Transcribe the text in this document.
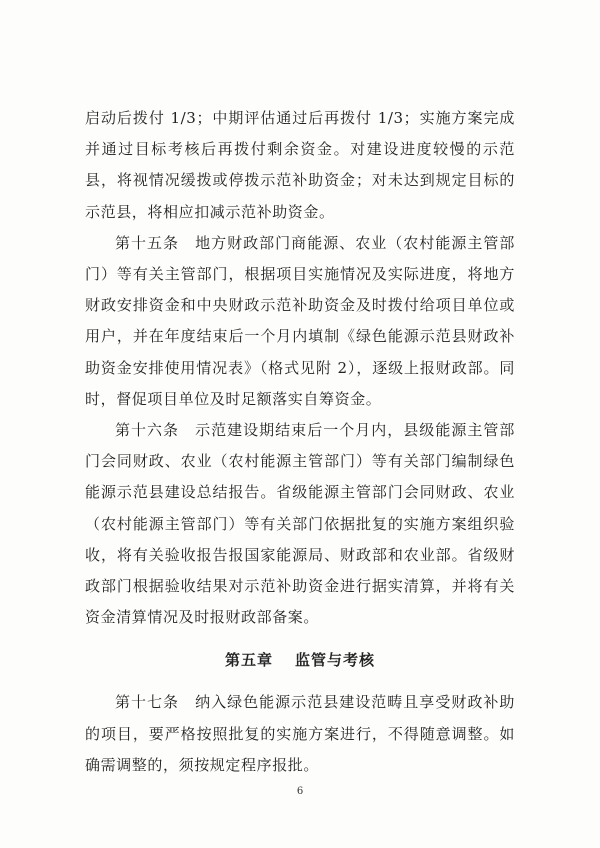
启动后拨付 1/3；中期评估通过后再拨付 1/3；实施方案完成并通过目标考核后再拨付剩余资金。对建设进度较慢的示范县，将视情况缓拨或停拨示范补助资金；对未达到规定目标的示范县，将相应扣减示范补助资金。

第十五条　地方财政部门商能源、农业（农村能源主管部门）等有关主管部门，根据项目实施情况及实际进度，将地方财政安排资金和中央财政示范补助资金及时拨付给项目单位或用户，并在年度结束后一个月内填制《绿色能源示范县财政补助资金安排使用情况表》（格式见附 2），逐级上报财政部。同时，督促项目单位及时足额落实自筹资金。

第十六条　示范建设期结束后一个月内，县级能源主管部门会同财政、农业（农村能源主管部门）等有关部门编制绿色能源示范县建设总结报告。省级能源主管部门会同财政、农业（农村能源主管部门）等有关部门依据批复的实施方案组织验收，将有关验收报告报国家能源局、财政部和农业部。省级财政部门根据验收结果对示范补助资金进行据实清算，并将有关资金清算情况及时报财政部备案。

第五章 监管与考核

第十七条　纳入绿色能源示范县建设范畴且享受财政补助的项目，要严格按照批复的实施方案进行，不得随意调整。如确需调整的，须按规定程序报批。

6
